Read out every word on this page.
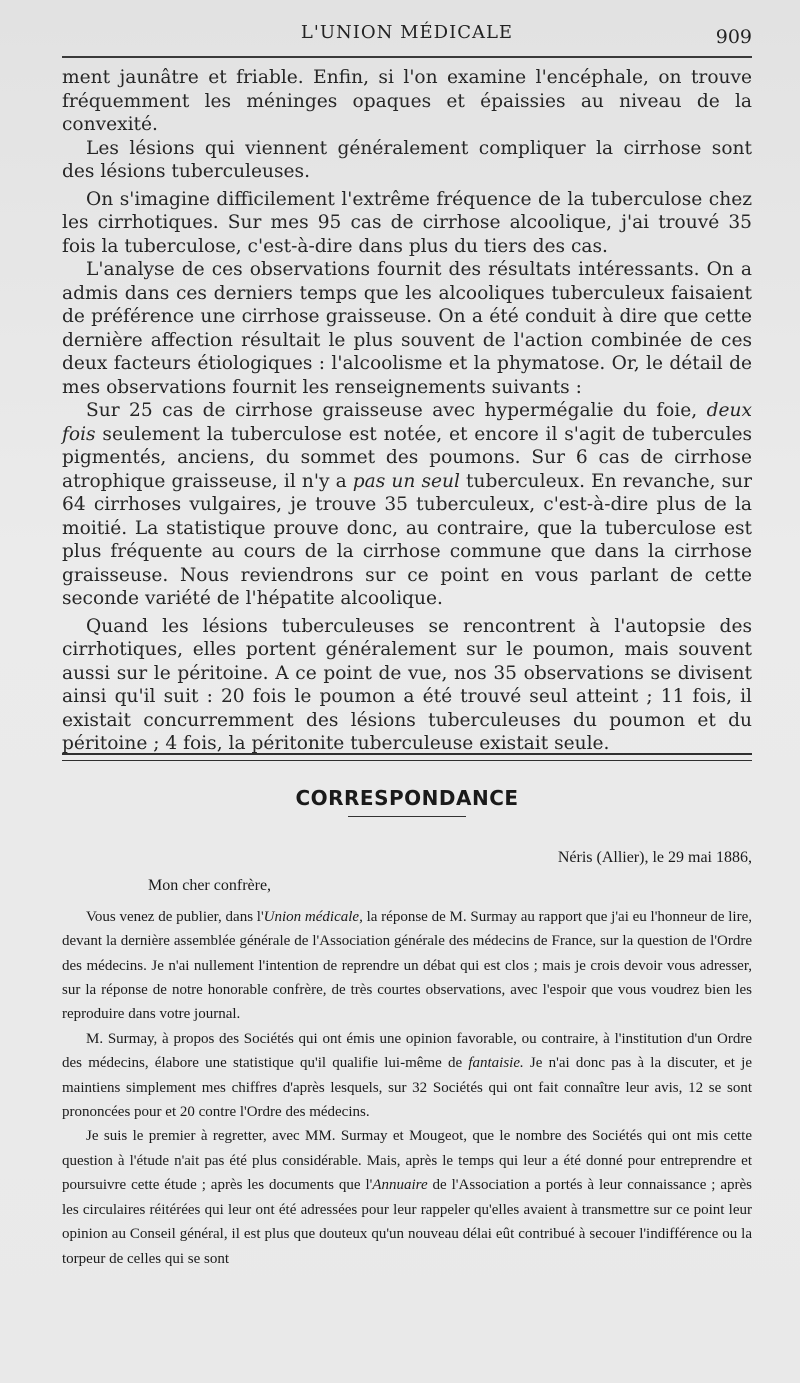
L'UNION MÉDICALE	909

ment jaunâtre et friable. Enfin, si l'on examine l'encéphale, on trouve fréquemment les méninges opaques et épaissies au niveau de la convexité.

Les lésions qui viennent généralement compliquer la cirrhose sont des lésions tuberculeuses.

On s'imagine difficilement l'extrême fréquence de la tuberculose chez les cirrhotiques. Sur mes 95 cas de cirrhose alcoolique, j'ai trouvé 35 fois la tuberculose, c'est-à-dire dans plus du tiers des cas.

L'analyse de ces observations fournit des résultats intéressants. On a admis dans ces derniers temps que les alcooliques tuberculeux faisaient de préférence une cirrhose graisseuse. On a été conduit à dire que cette dernière affection résultait le plus souvent de l'action combinée de ces deux facteurs étiologiques : l'alcoolisme et la phymatose. Or, le détail de mes observations fournit les renseignements suivants :

Sur 25 cas de cirrhose graisseuse avec hypermégalie du foie, deux fois seulement la tuberculose est notée, et encore il s'agit de tubercules pigmentés, anciens, du sommet des poumons. Sur 6 cas de cirrhose atrophique graisseuse, il n'y a pas un seul tuberculeux. En revanche, sur 64 cirrhoses vulgaires, je trouve 35 tuberculeux, c'est-à-dire plus de la moitié. La statistique prouve donc, au contraire, que la tuberculose est plus fréquente au cours de la cirrhose commune que dans la cirrhose graisseuse. Nous reviendrons sur ce point en vous parlant de cette seconde variété de l'hépatite alcoolique.

Quand les lésions tuberculeuses se rencontrent à l'autopsie des cirrhotiques, elles portent généralement sur le poumon, mais souvent aussi sur le péritoine. A ce point de vue, nos 35 observations se divisent ainsi qu'il suit : 20 fois le poumon a été trouvé seul atteint ; 11 fois, il existait concurremment des lésions tuberculeuses du poumon et du péritoine ; 4 fois, la péritonite tuberculeuse existait seule.

CORRESPONDANCE

Néris (Allier), le 29 mai 1886,

Mon cher confrère,

Vous venez de publier, dans l'Union médicale, la réponse de M. Surmay au rapport que j'ai eu l'honneur de lire, devant la dernière assemblée générale de l'Association générale des médecins de France, sur la question de l'Ordre des médecins. Je n'ai nullement l'intention de reprendre un débat qui est clos ; mais je crois devoir vous adresser, sur la réponse de notre honorable confrère, de très courtes observations, avec l'espoir que vous voudrez bien les reproduire dans votre journal.

M. Surmay, à propos des Sociétés qui ont émis une opinion favorable, ou contraire, à l'institution d'un Ordre des médecins, élabore une statistique qu'il qualifie lui-même de fantaisie. Je n'ai donc pas à la discuter, et je maintiens simplement mes chiffres d'après lesquels, sur 32 Sociétés qui ont fait connaître leur avis, 12 se sont prononcées pour et 20 contre l'Ordre des médecins.

Je suis le premier à regretter, avec MM. Surmay et Mougeot, que le nombre des Sociétés qui ont mis cette question à l'étude n'ait pas été plus considérable. Mais, après le temps qui leur a été donné pour entreprendre et poursuivre cette étude ; après les documents que l'Annuaire de l'Association a portés à leur connaissance ; après les circulaires réitérées qui leur ont été adressées pour leur rappeler qu'elles avaient à transmettre sur ce point leur opinion au Conseil général, il est plus que douteux qu'un nouveau délai eût contribué à secouer l'indifférence ou la torpeur de celles qui se sont
